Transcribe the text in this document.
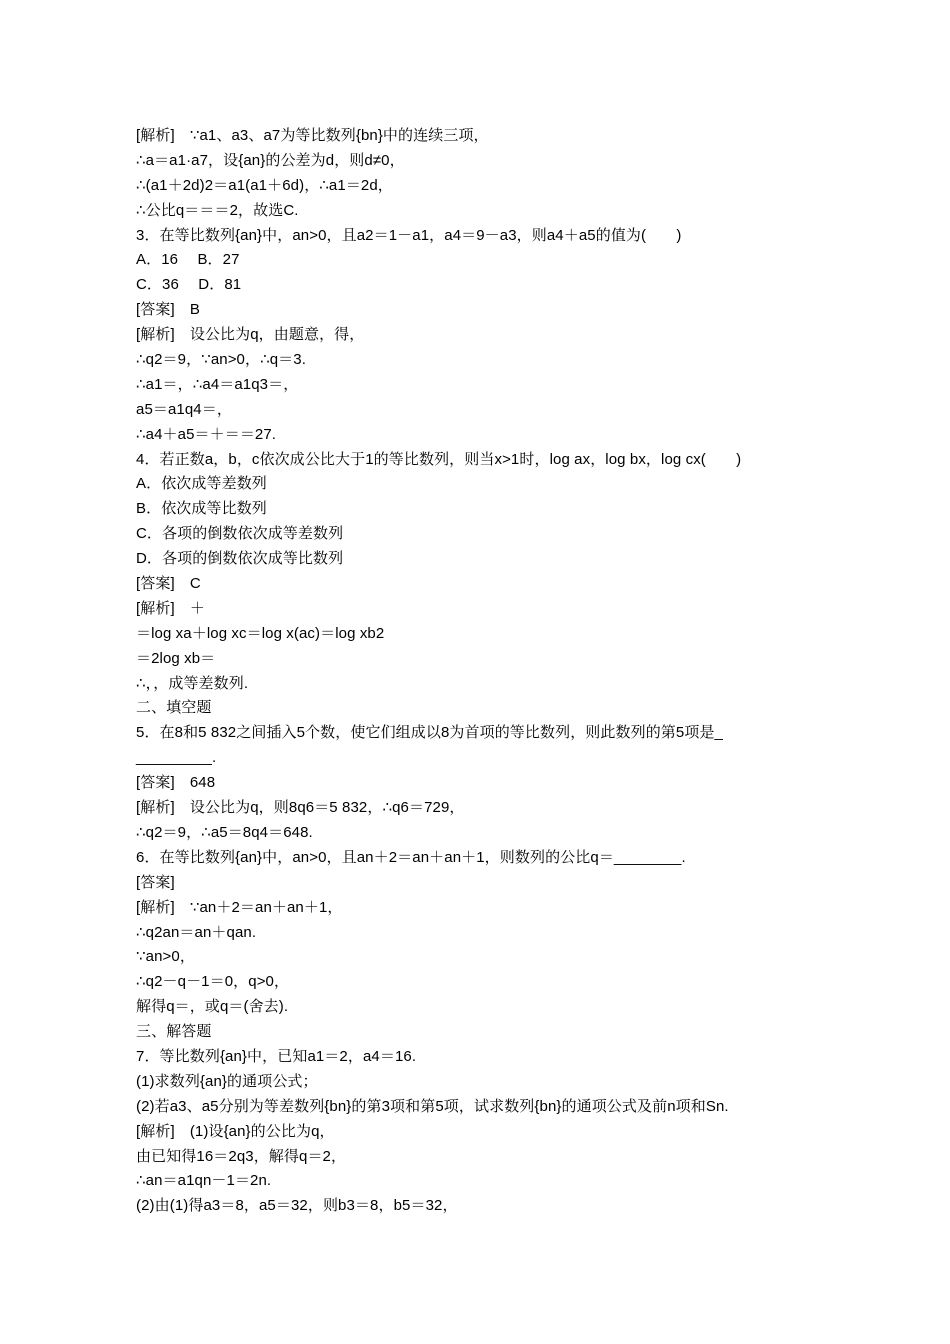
[解析]　∵a1、a3、a7为等比数列{bn}中的连续三项，
∴a＝a1·a7，设{an}的公差为d，则d≠0，
∴(a1＋2d)2＝a1(a1＋6d)，∴a1＝2d，
∴公比q＝＝＝2，故选C.
3．在等比数列{an}中，an>0，且a2＝1－a1，a4＝9－a3，则a4＋a5的值为(　　)
A．16　 B．27
C．36　 D．81
[答案]　B
[解析]　设公比为q，由题意，得，
∴q2＝9，∵an>0，∴q＝3.
∴a1＝，∴a4＝a1q3＝，
a5＝a1q4＝，
∴a4＋a5＝＋＝＝27.
4．若正数a，b，c依次成公比大于1的等比数列，则当x>1时，log ax，log bx，log cx(　　)
A．依次成等差数列
B．依次成等比数列
C．各项的倒数依次成等差数列
D．各项的倒数依次成等比数列
[答案]　C
[解析]　＋
＝log xa＋log xc＝log x(ac)＝log xb2
＝2log xb＝
∴，，成等差数列.
二、填空题
5．在8和5 832之间插入5个数，使它们组成以8为首项的等比数列，则此数列的第5项是_
_________.
[答案]　648
[解析]　设公比为q，则8q6＝5 832，∴q6＝729，
∴q2＝9，∴a5＝8q4＝648.
6．在等比数列{an}中，an>0，且an＋2＝an＋an＋1，则数列的公比q＝________.
[答案]
[解析]　∵an＋2＝an＋an＋1，
∴q2an＝an＋qan.
∵an>0，
∴q2－q－1＝0，q>0，
解得q＝，或q＝(舍去).
三、解答题
7．等比数列{an}中，已知a1＝2，a4＝16.
(1)求数列{an}的通项公式；
(2)若a3、a5分别为等差数列{bn}的第3项和第5项，试求数列{bn}的通项公式及前n项和Sn.
[解析]　(1)设{an}的公比为q，
由已知得16＝2q3，解得q＝2，
∴an＝a1qn－1＝2n.
(2)由(1)得a3＝8，a5＝32，则b3＝8，b5＝32，
